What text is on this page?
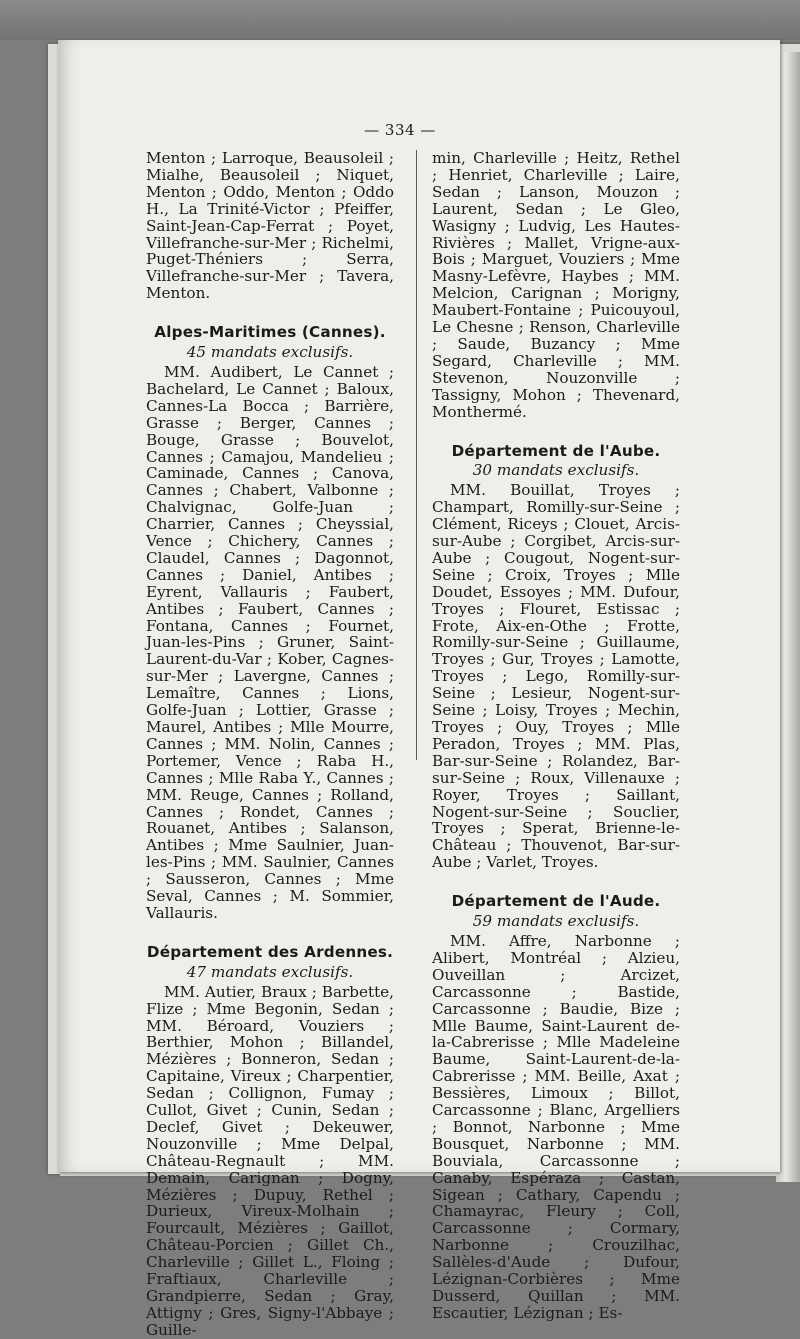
— 334 —

Menton ; Larroque, Beausoleil ; Mialhe, Beausoleil ; Niquet, Menton ; Oddo, Menton ; Oddo H., La Trinité-Victor ; Pfeiffer, Saint-Jean-Cap-Ferrat ; Poyet, Villefranche-sur-Mer ; Richelmi, Puget-Théniers ; Serra, Villefranche-sur-Mer ; Tavera, Menton.

Alpes-Maritimes (Cannes).
45 mandats exclusifs.

MM. Audibert, Le Cannet ; Bachelard, Le Cannet ; Baloux, Cannes-La Bocca ; Barrière, Grasse ; Berger, Cannes ; Bouge, Grasse ; Bouvelot, Cannes ; Camajou, Mandelieu ; Caminade, Cannes ; Canova, Cannes ; Chabert, Valbonne ; Chalvignac, Golfe-Juan ; Charrier, Cannes ; Cheyssial, Vence ; Chichery, Cannes ; Claudel, Cannes ; Dagonnot, Cannes ; Daniel, Antibes ; Eyrent, Vallauris ; Faubert, Antibes ; Faubert, Cannes ; Fontana, Cannes ; Fournet, Juan-les-Pins ; Gruner, Saint-Laurent-du-Var ; Kober, Cagnes-sur-Mer ; Lavergne, Cannes ; Lemaître, Cannes ; Lions, Golfe-Juan ; Lottier, Grasse ; Maurel, Antibes ; Mlle Mourre, Cannes ; MM. Nolin, Cannes ; Portemer, Vence ; Raba H., Cannes ; Mlle Raba Y., Cannes ; MM. Reuge, Cannes ; Rolland, Cannes ; Rondet, Cannes ; Rouanet, Antibes ; Salanson, Antibes ; Mme Saulnier, Juan-les-Pins ; MM. Saulnier, Cannes ; Sausseron, Cannes ; Mme Seval, Cannes ; M. Sommier, Vallauris.

Département des Ardennes.
47 mandats exclusifs.

MM. Autier, Braux ; Barbette, Flize ; Mme Begonin, Sedan ; MM. Béroard, Vouziers ; Berthier, Mohon ; Billandel, Mézières ; Bonneron, Sedan ; Capitaine, Vireux ; Charpentier, Sedan ; Collignon, Fumay ; Cullot, Givet ; Cunin, Sedan ; Declef, Givet ; Dekeuwer, Nouzonville ; Mme Delpal, Château-Regnault ; MM. Demain, Carignan ; Dogny, Mézières ; Dupuy, Rethel ; Durieux, Vireux-Molhain ; Fourcault, Mézières ; Gaillot, Château-Porcien ; Gillet Ch., Charleville ; Gillet L., Floing ; Fraftiaux, Charleville ; Grandpierre, Sedan ; Gray, Attigny ; Gres, Signy-l'Abbaye ; Guille-

min, Charleville ; Heitz, Rethel ; Henriet, Charleville ; Laire, Sedan ; Lanson, Mouzon ; Laurent, Sedan ; Le Gleo, Wasigny ; Ludvig, Les Hautes-Rivières ; Mallet, Vrigne-aux-Bois ; Marguet, Vouziers ; Mme Masny-Lefèvre, Haybes ; MM. Melcion, Carignan ; Morigny, Maubert-Fontaine ; Puicouyoul, Le Chesne ; Renson, Charleville ; Saude, Buzancy ; Mme Segard, Charleville ; MM. Stevenon, Nouzonville ; Tassigny, Mohon ; Thevenard, Monthermé.

Département de l'Aube.
30 mandats exclusifs.

MM. Bouillat, Troyes ; Champart, Romilly-sur-Seine ; Clément, Riceys ; Clouet, Arcis-sur-Aube ; Corgibet, Arcis-sur-Aube ; Cougout, Nogent-sur-Seine ; Croix, Troyes ; Mlle Doudet, Essoyes ; MM. Dufour, Troyes ; Flouret, Estissac ; Frote, Aix-en-Othe ; Frotte, Romilly-sur-Seine ; Guillaume, Troyes ; Gur, Troyes ; Lamotte, Troyes ; Lego, Romilly-sur-Seine ; Lesieur, Nogent-sur-Seine ; Loisy, Troyes ; Mechin, Troyes ; Ouy, Troyes ; Mlle Peradon, Troyes ; MM. Plas, Bar-sur-Seine ; Rolandez, Bar-sur-Seine ; Roux, Villenauxe ; Royer, Troyes ; Saillant, Nogent-sur-Seine ; Souclier, Troyes ; Sperat, Brienne-le-Château ; Thouvenot, Bar-sur-Aube ; Varlet, Troyes.

Département de l'Aude.
59 mandats exclusifs.

MM. Affre, Narbonne ; Alibert, Montréal ; Alzieu, Ouveillan ; Arcizet, Carcassonne ; Bastide, Carcassonne ; Baudie, Bize ; Mlle Baume, Saint-Laurent de-la-Cabrerisse ; Mlle Madeleine Baume, Saint-Laurent-de-la-Cabrerisse ; MM. Beille, Axat ; Bessières, Limoux ; Billot, Carcassonne ; Blanc, Argelliers ; Bonnot, Narbonne ; Mme Bousquet, Narbonne ; MM. Bouviala, Carcassonne ; Canaby, Espéraza ; Castan, Sigean ; Cathary, Capendu ; Chamayrac, Fleury ; Coll, Carcassonne ; Cormary, Narbonne ; Crouzilhac, Sallèles-d'Aude ; Dufour, Lézignan-Corbières ; Mme Dusserd, Quillan ; MM. Escautier, Lézignan ; Es-
